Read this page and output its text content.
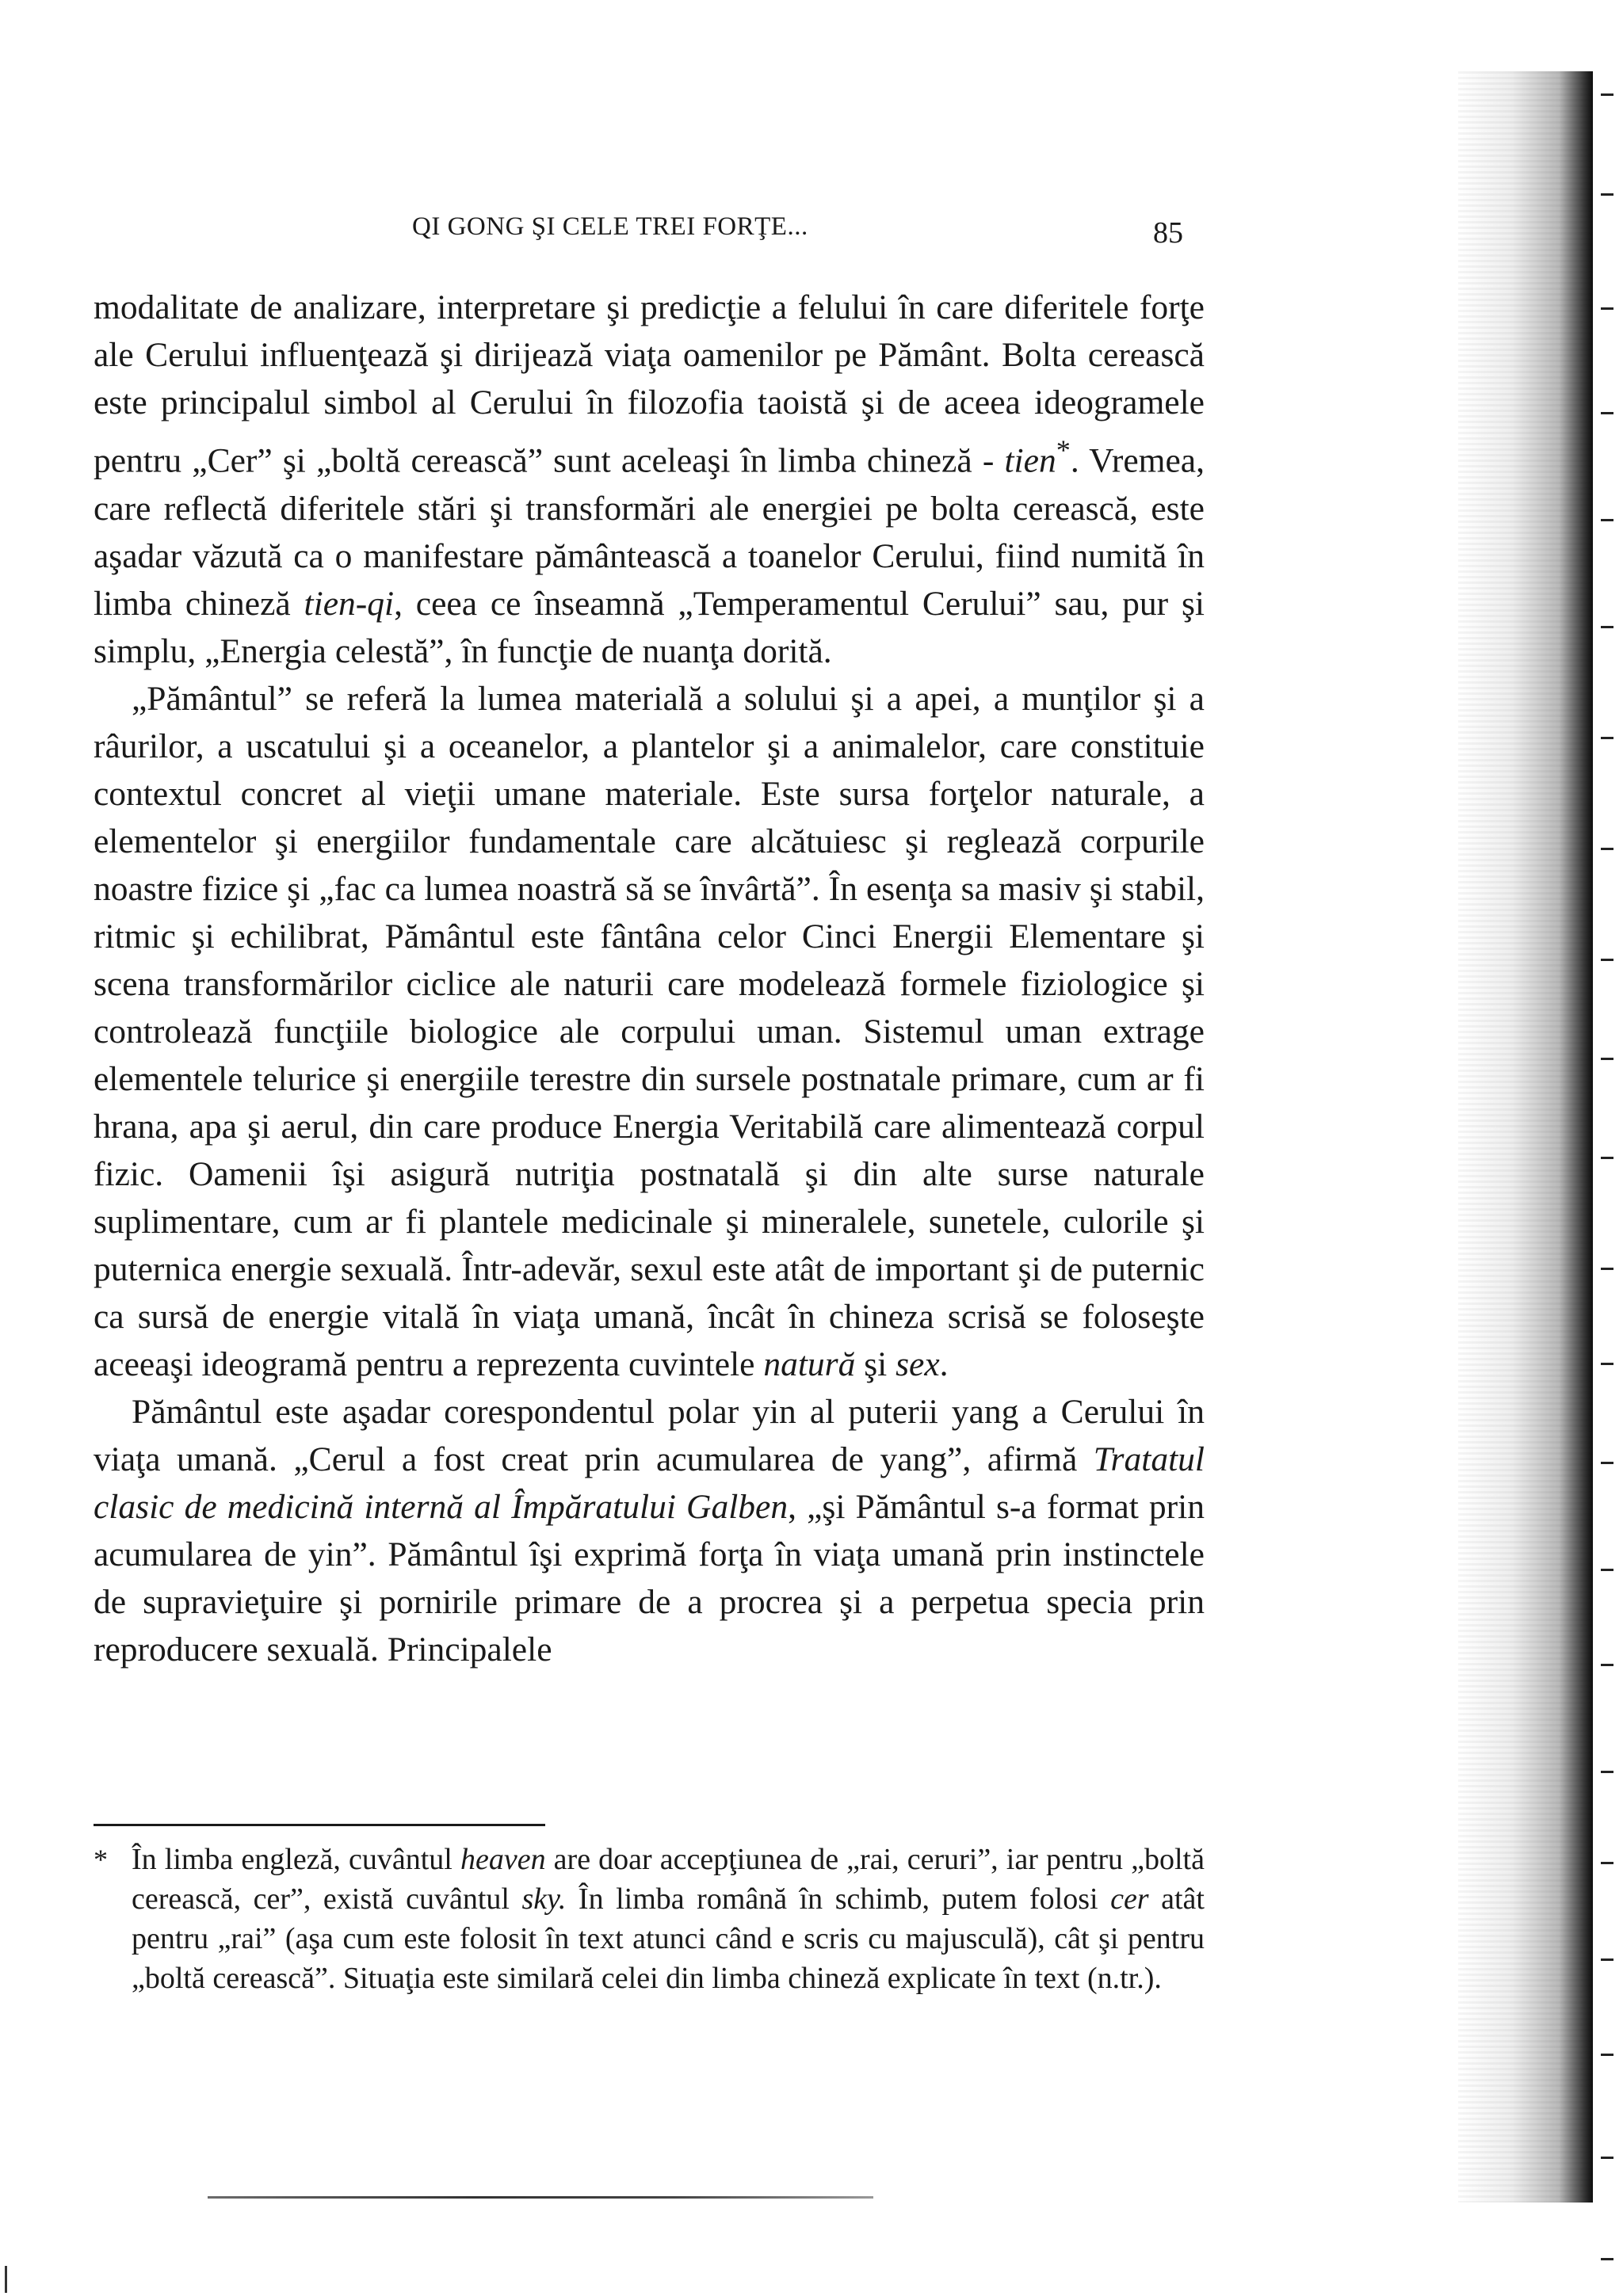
QI GONG ŞI CELE TREI FORŢE...	85

modalitate de analizare, interpretare şi predicţie a felului în care diferitele forţe ale Cerului influenţează şi dirijează viaţa oamenilor pe Pământ. Bolta cerească este principalul simbol al Cerului în filozofia taoistă şi de aceea ideogramele pentru „Cer” şi „boltă cerească” sunt aceleaşi în limba chineză - tien*. Vremea, care reflectă diferitele stări şi transformări ale energiei pe bolta cerească, este aşadar văzută ca o manifestare pământească a toanelor Cerului, fiind numită în limba chineză tien-qi, ceea ce înseamnă „Temperamentul Cerului” sau, pur şi simplu, „Energia celestă”, în funcţie de nuanţa dorită.

„Pământul” se referă la lumea materială a solului şi a apei, a munţilor şi a râurilor, a uscatului şi a oceanelor, a plantelor şi a animalelor, care constituie contextul concret al vieţii umane materiale. Este sursa forţelor naturale, a elementelor şi energiilor fundamentale care alcătuiesc şi reglează corpurile noastre fizice şi „fac ca lumea noastră să se învârtă”. În esenţa sa masiv şi stabil, ritmic şi echilibrat, Pământul este fântâna celor Cinci Energii Elementare şi scena transformărilor ciclice ale naturii care modelează formele fiziologice şi controlează funcţiile biologice ale corpului uman. Sistemul uman extrage elementele telurice şi energiile terestre din sursele postnatale primare, cum ar fi hrana, apa şi aerul, din care produce Energia Veritabilă care alimentează corpul fizic. Oamenii îşi asigură nutriţia postnatală şi din alte surse naturale suplimentare, cum ar fi plantele medicinale şi mineralele, sunetele, culorile şi puternica energie sexuală. Într-adevăr, sexul este atât de important şi de puternic ca sursă de energie vitală în viaţa umană, încât în chineza scrisă se foloseşte aceeaşi ideogramă pentru a reprezenta cuvintele natură şi sex.

Pământul este aşadar corespondentul polar yin al puterii yang a Cerului în viaţa umană. „Cerul a fost creat prin acumularea de yang”, afirmă Tratatul clasic de medicină internă al Împăratului Galben, „şi Pământul s-a format prin acumularea de yin”. Pământul îşi exprimă forţa în viaţa umană prin instinctele de supravieţuire şi pornirile primare de a procrea şi a perpetua specia prin reproducere sexuală. Principalele

* În limba engleză, cuvântul heaven are doar accepţiunea de „rai, ceruri”, iar pentru „boltă cerească, cer”, există cuvântul sky. În limba română în schimb, putem folosi cer atât pentru „rai” (aşa cum este folosit în text atunci când e scris cu majusculă), cât şi pentru „boltă cerească”. Situaţia este similară celei din limba chineză explicate în text (n.tr.).
